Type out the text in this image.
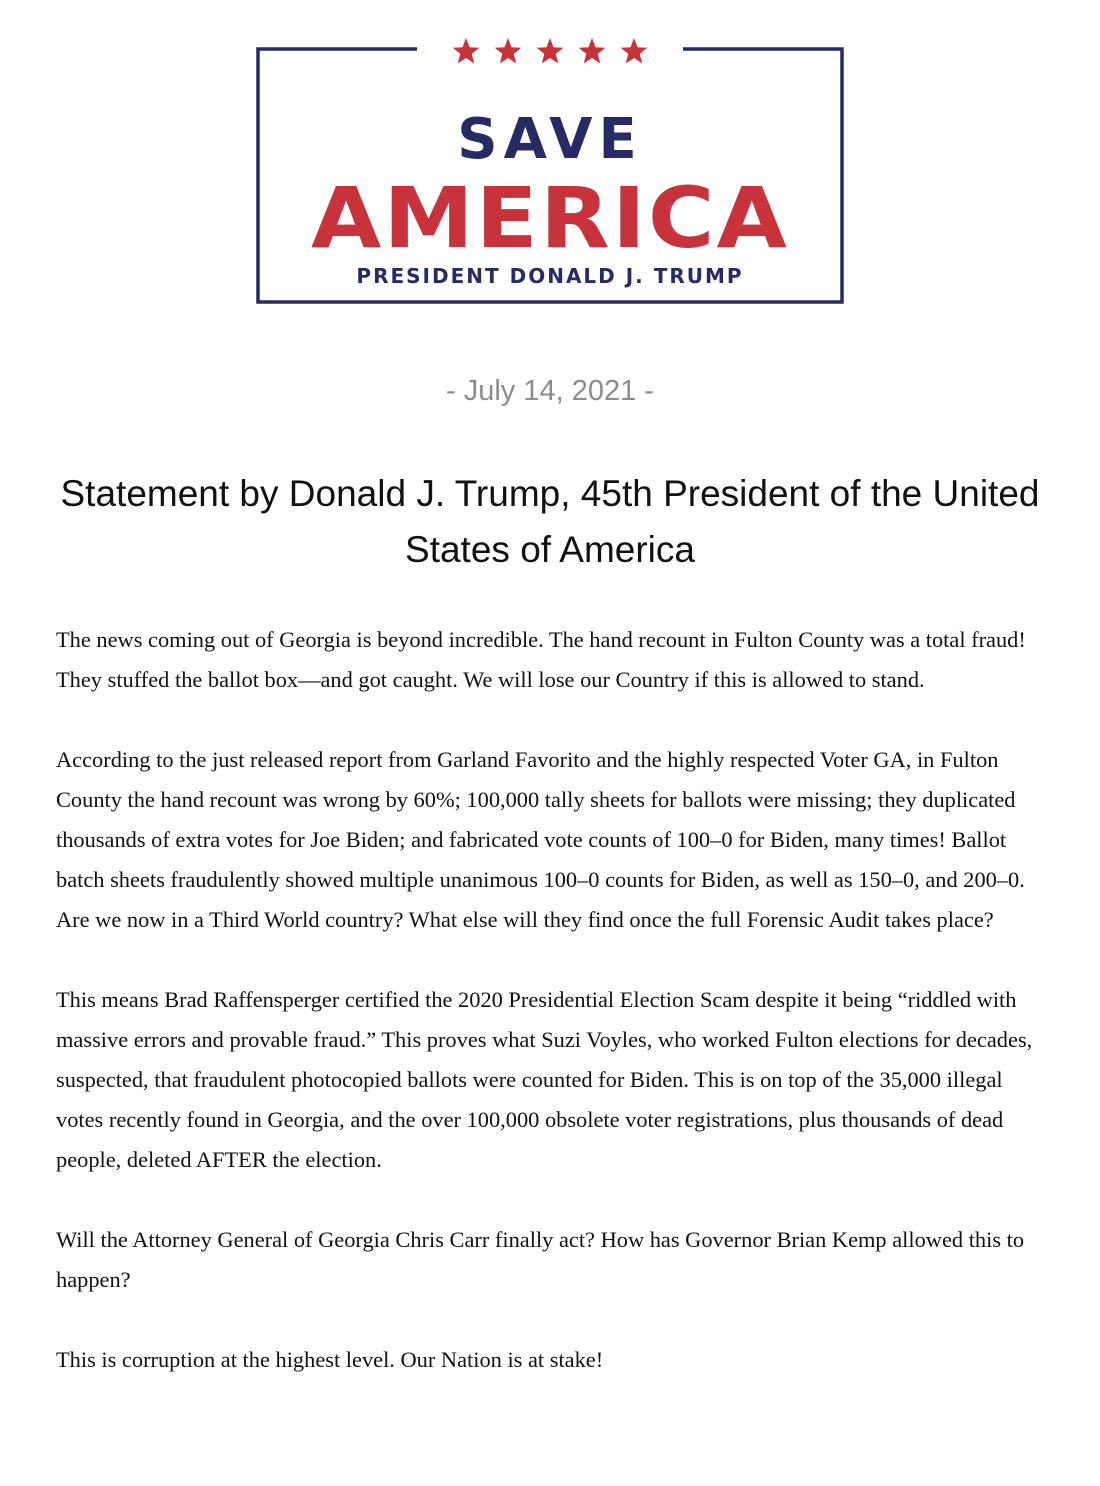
SAVE
AMERICA
PRESIDENT DONALD J. TRUMP
- July 14, 2021 -
Statement by Donald J. Trump, 45th President of the United States of America

The news coming out of Georgia is beyond incredible. The hand recount in Fulton County was a total fraud! They stuffed the ballot box—and got caught. We will lose our Country if this is allowed to stand.

According to the just released report from Garland Favorito and the highly respected Voter GA, in Fulton County the hand recount was wrong by 60%; 100,000 tally sheets for ballots were missing; they duplicated thousands of extra votes for Joe Biden; and fabricated vote counts of 100–0 for Biden, many times! Ballot batch sheets fraudulently showed multiple unanimous 100–0 counts for Biden, as well as 150–0, and 200–0. Are we now in a Third World country? What else will they find once the full Forensic Audit takes place?

This means Brad Raffensperger certified the 2020 Presidential Election Scam despite it being “riddled with massive errors and provable fraud.” This proves what Suzi Voyles, who worked Fulton elections for decades, suspected, that fraudulent photocopied ballots were counted for Biden. This is on top of the 35,000 illegal votes recently found in Georgia, and the over 100,000 obsolete voter registrations, plus thousands of dead people, deleted AFTER the election.

Will the Attorney General of Georgia Chris Carr finally act? How has Governor Brian Kemp allowed this to happen?

This is corruption at the highest level. Our Nation is at stake!
